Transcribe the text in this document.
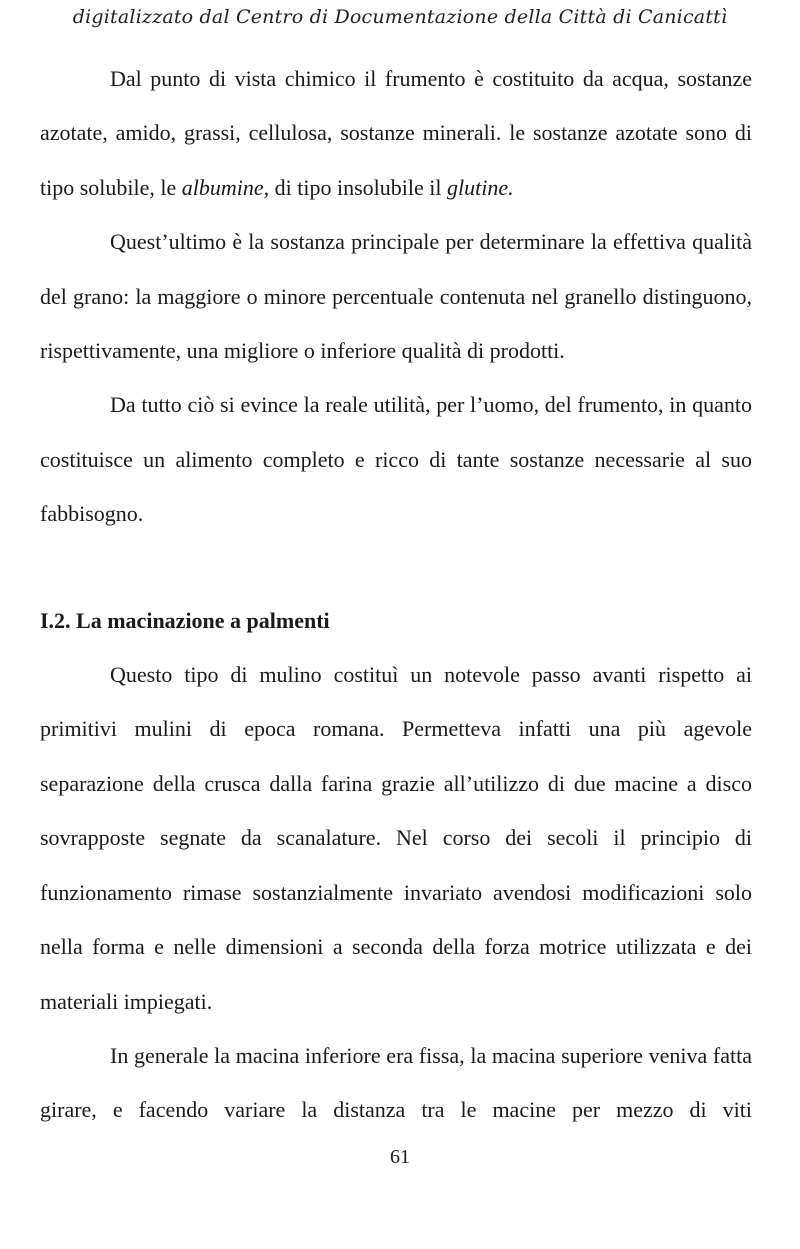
digitalizzato dal Centro di Documentazione della Città di Canicattì

Dal punto di vista chimico il frumento è costituito da acqua, sostanze azotate, amido, grassi, cellulosa, sostanze minerali. le sostanze azotate sono di tipo solubile, le albumine, di tipo insolubile il glutine.

Quest’ultimo è la sostanza principale per determinare la effettiva qualità del grano: la maggiore o minore percentuale contenuta nel granello distinguono, rispettivamente, una migliore o inferiore qualità di prodotti.

Da tutto ciò si evince la reale utilità, per l’uomo, del frumento, in quanto costituisce un alimento completo e ricco di tante sostanze necessarie al suo fabbisogno.

I.2. La macinazione a palmenti

Questo tipo di mulino costituì un notevole passo avanti rispetto ai primitivi mulini di epoca romana. Permetteva infatti una più agevole separazione della crusca dalla farina grazie all’utilizzo di due macine a disco sovrapposte segnate da scanalature. Nel corso dei secoli il principio di funzionamento rimase sostanzialmente invariato avendosi modificazioni solo nella forma e nelle dimensioni a seconda della forza motrice utilizzata e dei materiali impiegati.

In generale la macina inferiore era fissa, la macina superiore veniva fatta girare, e facendo variare la distanza tra le macine per mezzo di viti

61
